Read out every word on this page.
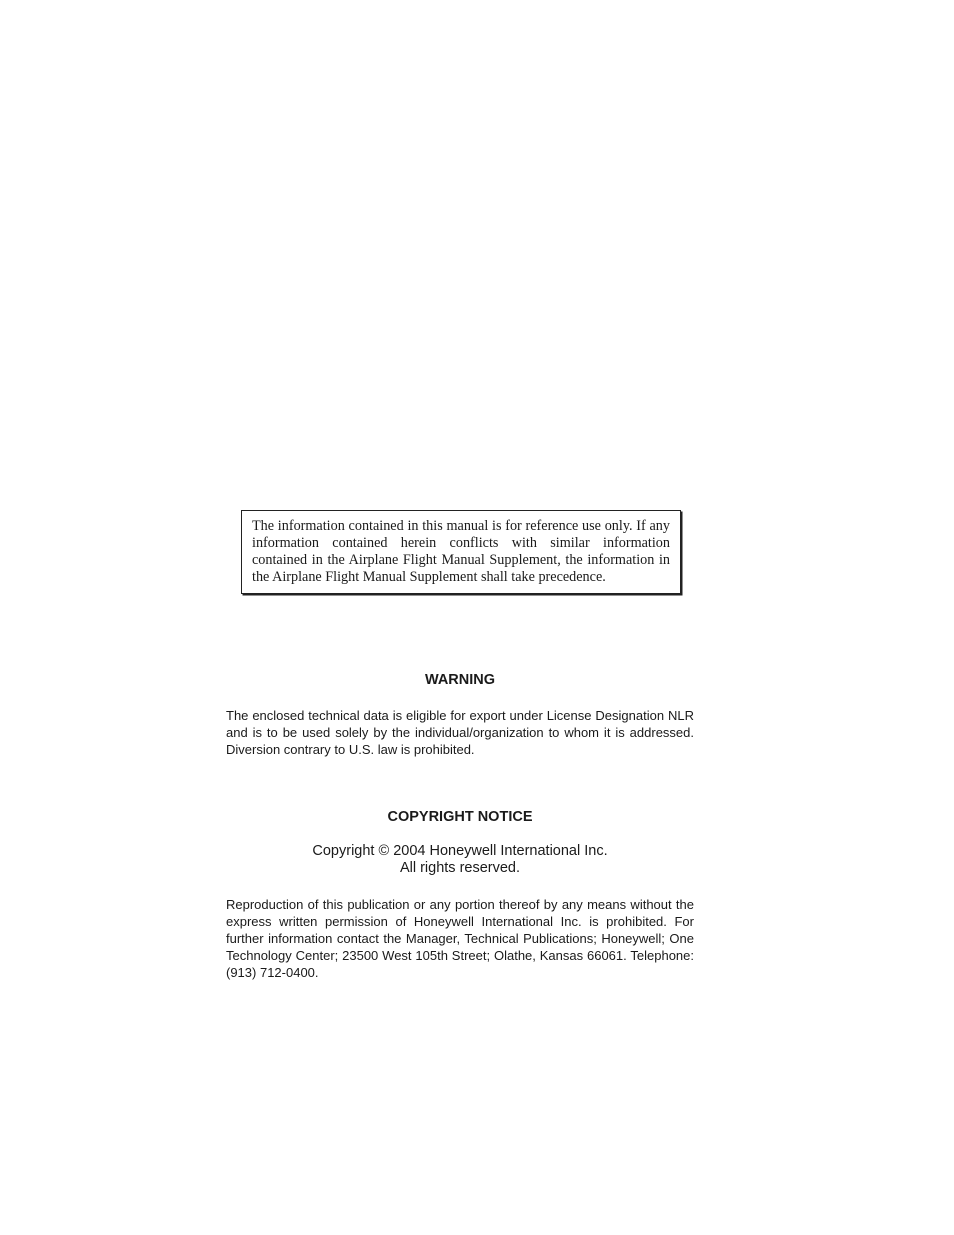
The information contained in this manual is for reference use only. If any information contained herein conflicts with similar information contained in the Airplane Flight Manual Supplement, the information in the Airplane Flight Manual Supplement shall take precedence.
WARNING
The enclosed technical data is eligible for export under License Designation NLR and is to be used solely by the individual/organization to whom it is addressed. Diversion contrary to U.S. law is prohibited.
COPYRIGHT NOTICE
Copyright © 2004 Honeywell International Inc.
All rights reserved.
Reproduction of this publication or any portion thereof by any means without the express written permission of Honeywell International Inc. is prohibited. For further information contact the Manager, Technical Publications; Honeywell; One Technology Center; 23500 West 105th Street; Olathe, Kansas 66061. Telephone: (913) 712-0400.
